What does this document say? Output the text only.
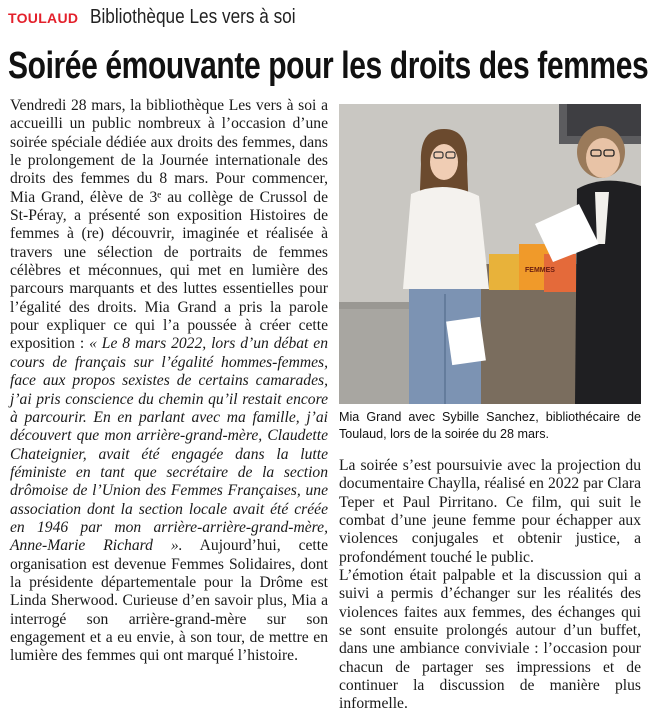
TOULAUD Bibliothèque Les vers à soi
Soirée émouvante pour les droits des femmes

Vendredi 28 mars, la bibliothèque Les vers à soi a accueilli un public nombreux à l’occasion d’une soirée spéciale dédiée aux droits des femmes, dans le prolongement de la Journée internationale des droits des femmes du 8 mars. Pour commencer, Mia Grand, élève de 3ᵉ au collège de Crussol de St-Péray, a présenté son exposition Histoires de femmes à (re) découvrir, imaginée et réalisée à travers une sélection de portraits de femmes célèbres et méconnues, qui met en lumière des parcours marquants et des luttes essentielles pour l’égalité des droits. Mia Grand a pris la parole pour expliquer ce qui l’a poussée à créer cette exposition : « Le 8 mars 2022, lors d’un débat en cours de français sur l’égalité hommes-femmes, face aux propos sexistes de certains camarades, j’ai pris conscience du chemin qu’il restait encore à parcourir. En en parlant avec ma famille, j’ai découvert que mon arrière-grand-mère, Claudette Chateignier, avait été engagée dans la lutte féministe en tant que secrétaire de la section drômoise de l’Union des Femmes Françaises, une association dont la section locale avait été créée en 1946 par mon arrière-arrière-grand-mère, Anne-Marie Richard ». Aujourd’hui, cette organisation est devenue Femmes Solidaires, dont la présidente départementale pour la Drôme est Linda Sherwood. Curieuse d’en savoir plus, Mia a interrogé son arrière-grand-mère sur son engagement et a eu envie, à son tour, de mettre en lumière des femmes qui ont marqué l’histoire.

FEMMES
Mia Grand avec Sybille Sanchez, bibliothécaire de Toulaud, lors de la soirée du 28 mars.

La soirée s’est poursuivie avec la projection du documentaire Chaylla, réalisé en 2022 par Clara Teper et Paul Pirritano. Ce film, qui suit le combat d’une jeune femme pour échapper aux violences conjugales et obtenir justice, a profondément touché le public.

L’émotion était palpable et la discussion qui a suivi a permis d’échanger sur les réalités des violences faites aux femmes, des échanges qui se sont ensuite prolongés autour d’un buffet, dans une ambiance conviviale : l’occasion pour chacun de partager ses impressions et de continuer la discussion de manière plus informelle.
